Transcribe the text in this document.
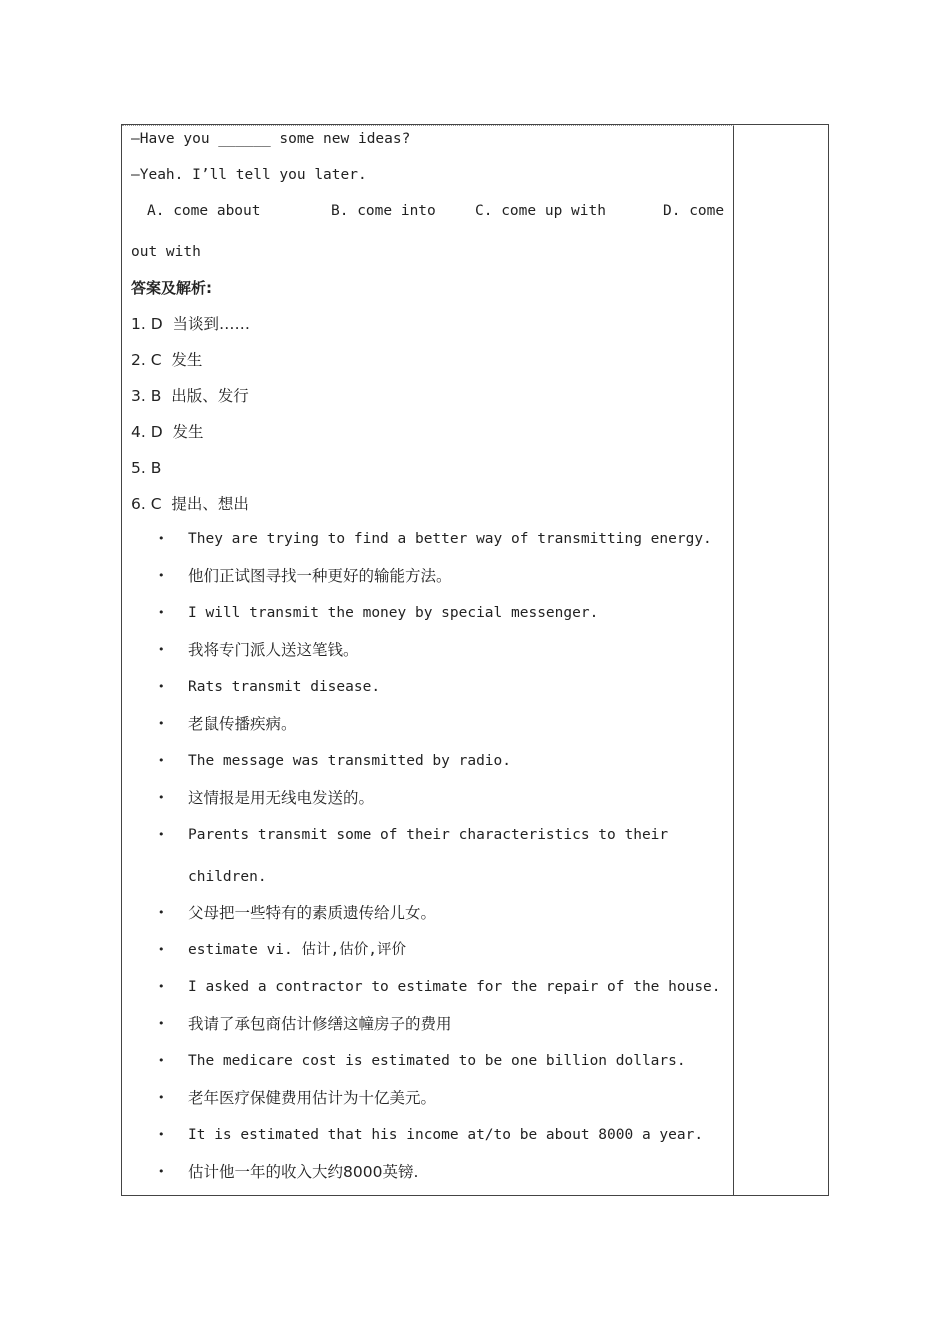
—Have you ______ some new ideas?
—Yeah. I’ll tell you later.
A. come about	B. come into	C. come up with	D. come
out with
答案及解析:
1. D  当谈到……
2. C  发生
3. B  出版、发行
4. D  发生
5. B
6. C  提出、想出
• They are trying to find a better way of transmitting energy.
• 他们正试图寻找一种更好的输能方法。
• I will transmit the money by special messenger.
• 我将专门派人送这笔钱。
• Rats transmit disease.
• 老鼠传播疾病。
• The message was transmitted by radio.
• 这情报是用无线电发送的。
• Parents transmit some of their characteristics to their
children.
• 父母把一些特有的素质遗传给儿女。
• estimate vi. 估计,估价,评价
• I asked a contractor to estimate for the repair of the house.
• 我请了承包商估计修缮这幢房子的费用
• The medicare cost is estimated to be one billion dollars.
• 老年医疗保健费用估计为十亿美元。
• It is estimated that his income at/to be about 8000 a year.
• 估计他一年的收入大约8000英镑.
